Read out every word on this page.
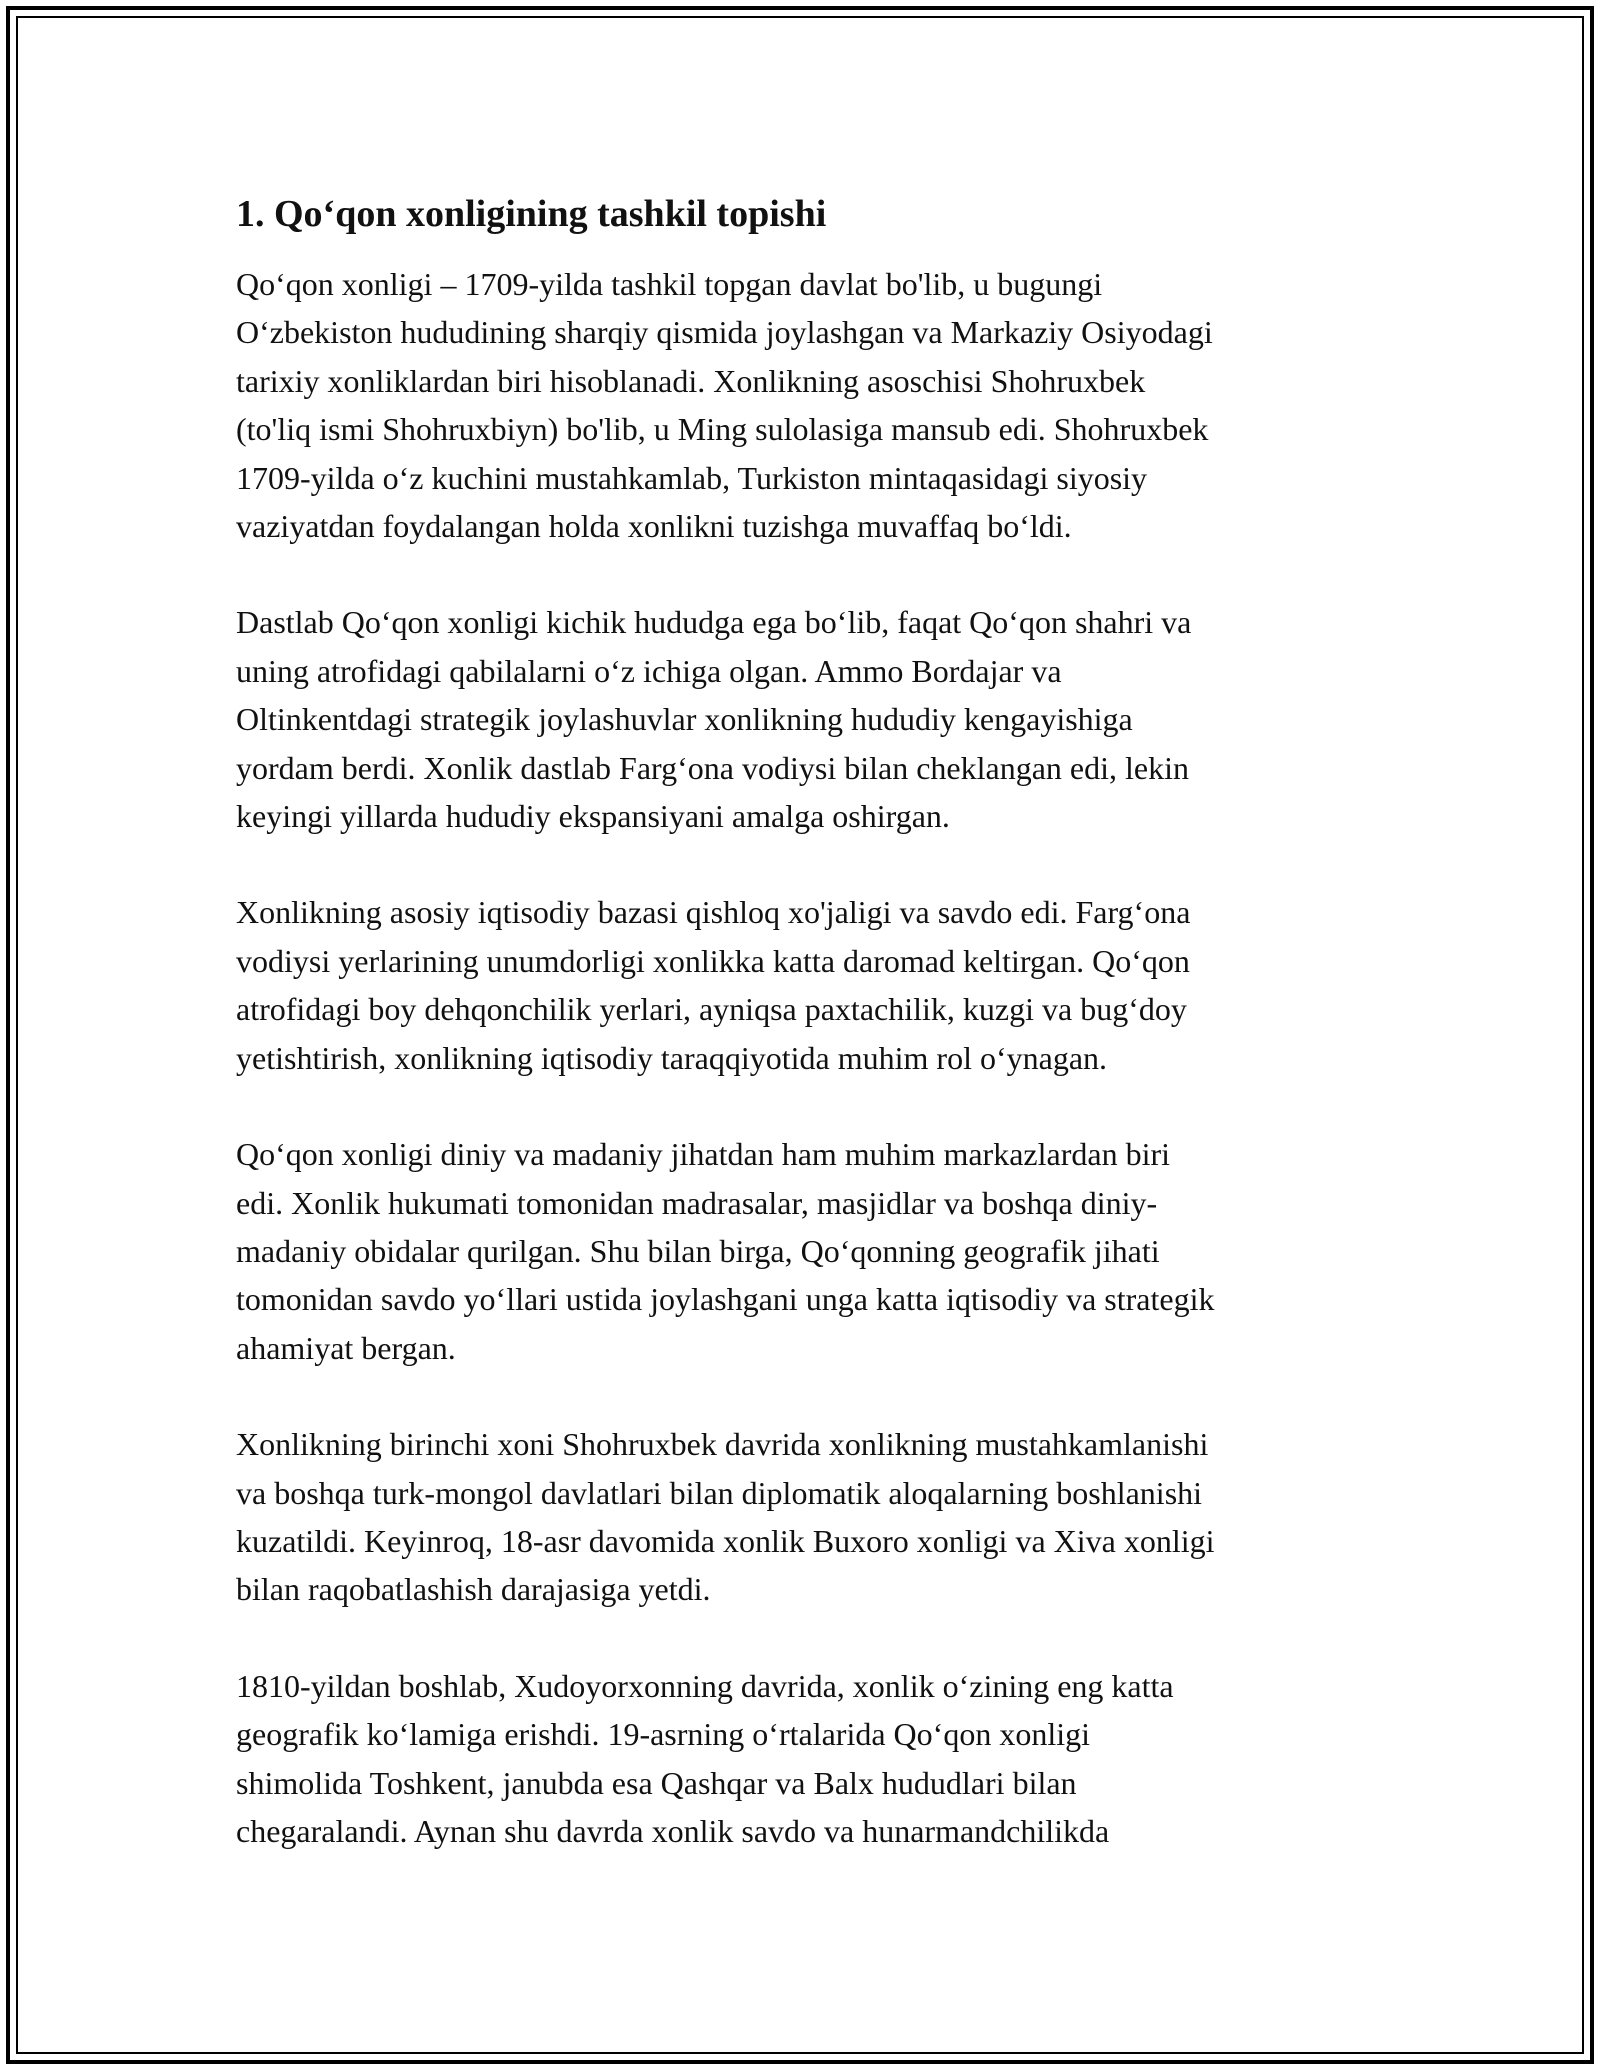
1. Qo‘qon xonligining tashkil topishi

Qo‘qon xonligi – 1709-yilda tashkil topgan davlat bo'lib, u bugungi
O‘zbekiston hududining sharqiy qismida joylashgan va Markaziy Osiyodagi
tarixiy xonliklardan biri hisoblanadi. Xonlikning asoschisi Shohruxbek
(to'liq ismi Shohruxbiyn) bo'lib, u Ming sulolasiga mansub edi. Shohruxbek
1709-yilda o‘z kuchini mustahkamlab, Turkiston mintaqasidagi siyosiy
vaziyatdan foydalangan holda xonlikni tuzishga muvaffaq bo‘ldi.

Dastlab Qo‘qon xonligi kichik hududga ega bo‘lib, faqat Qo‘qon shahri va
uning atrofidagi qabilalarni o‘z ichiga olgan. Ammo Bordajar va
Oltinkentdagi strategik joylashuvlar xonlikning hududiy kengayishiga
yordam berdi. Xonlik dastlab Farg‘ona vodiysi bilan cheklangan edi, lekin
keyingi yillarda hududiy ekspansiyani amalga oshirgan.

Xonlikning asosiy iqtisodiy bazasi qishloq xo'jaligi va savdo edi. Farg‘ona
vodiysi yerlarining unumdorligi xonlikka katta daromad keltirgan. Qo‘qon
atrofidagi boy dehqonchilik yerlari, ayniqsa paxtachilik, kuzgi va bug‘doy
yetishtirish, xonlikning iqtisodiy taraqqiyotida muhim rol o‘ynagan.

Qo‘qon xonligi diniy va madaniy jihatdan ham muhim markazlardan biri
edi. Xonlik hukumati tomonidan madrasalar, masjidlar va boshqa diniy-
madaniy obidalar qurilgan. Shu bilan birga, Qo‘qonning geografik jihati
tomonidan savdo yo‘llari ustida joylashgani unga katta iqtisodiy va strategik
ahamiyat bergan.

Xonlikning birinchi xoni Shohruxbek davrida xonlikning mustahkamlanishi
va boshqa turk-mongol davlatlari bilan diplomatik aloqalarning boshlanishi
kuzatildi. Keyinroq, 18-asr davomida xonlik Buxoro xonligi va Xiva xonligi
bilan raqobatlashish darajasiga yetdi.

1810-yildan boshlab, Xudoyorxonning davrida, xonlik o‘zining eng katta
geografik ko‘lamiga erishdi. 19-asrning o‘rtalarida Qo‘qon xonligi
shimolida Toshkent, janubda esa Qashqar va Balx hududlari bilan
chegaralandi. Aynan shu davrda xonlik savdo va hunarmandchilikda
